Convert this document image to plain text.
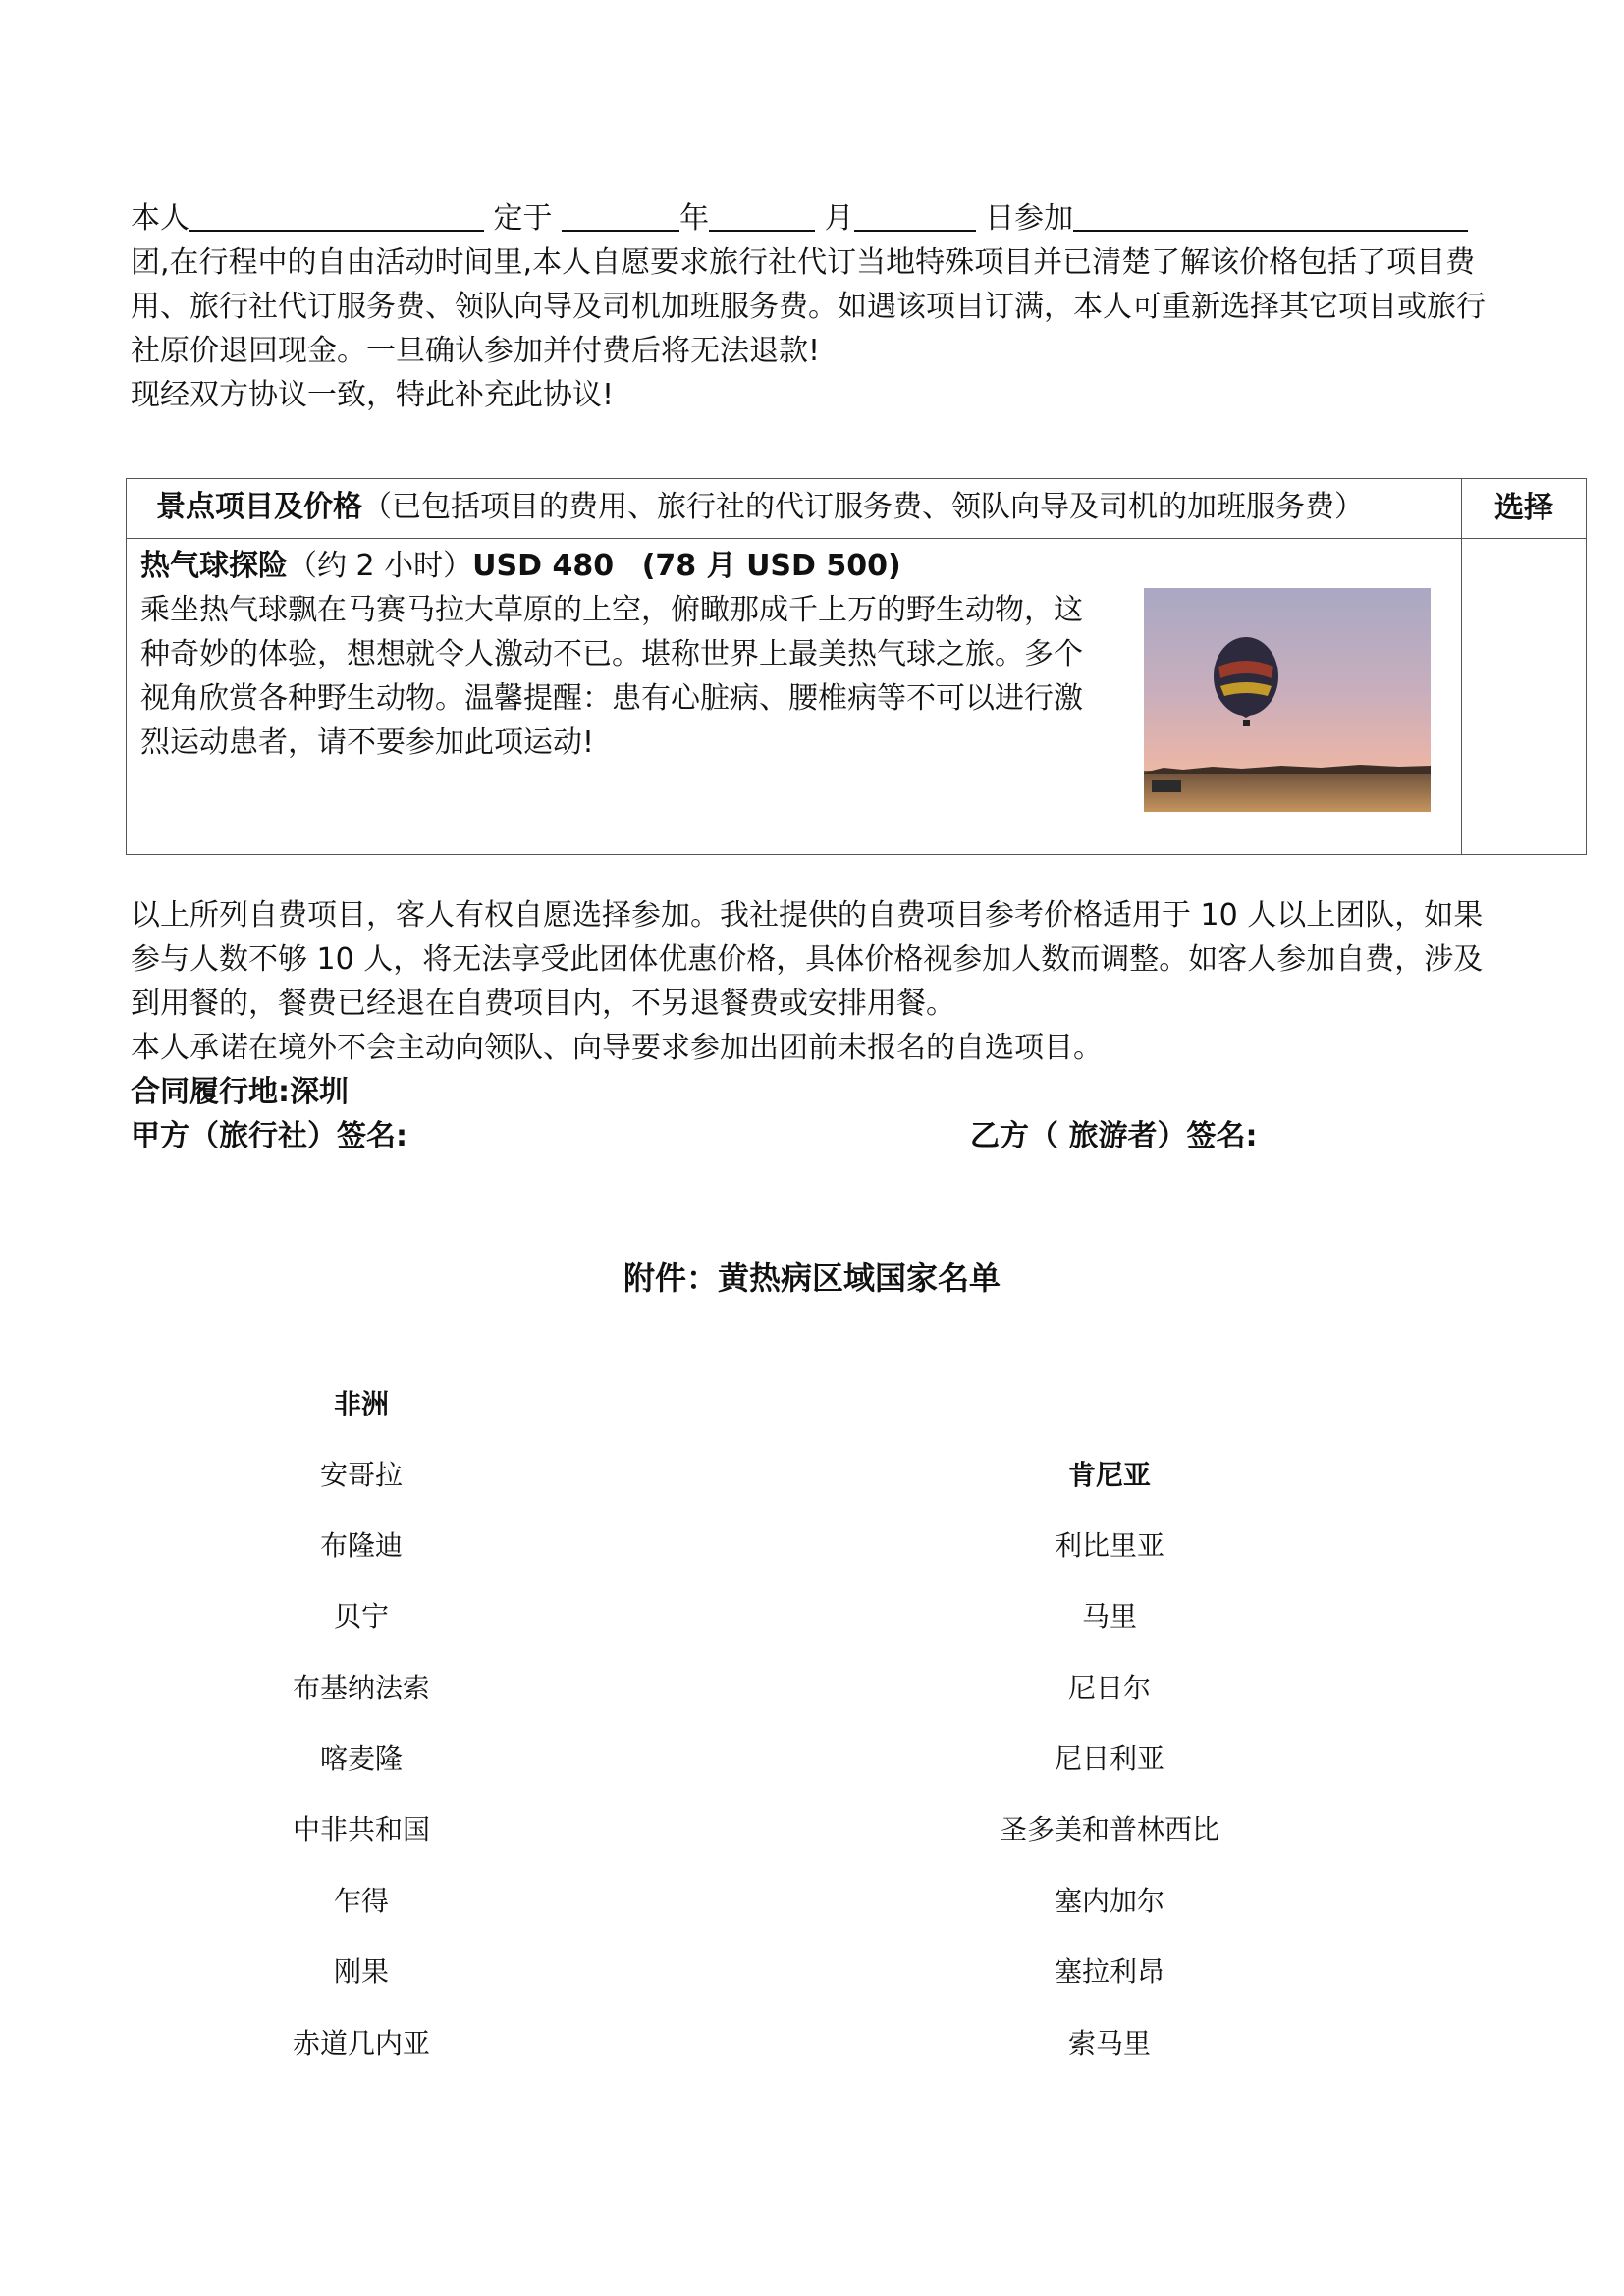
本人	定于	年	月	日参加

团,在行程中的自由活动时间里,本人自愿要求旅行社代订当地特殊项目并已清楚了解该价格包括了项目费

用、旅行社代订服务费、领队向导及司机加班服务费。如遇该项目订满，本人可重新选择其它项目或旅行

社原价退回现金。一旦确认参加并付费后将无法退款!

现经双方协议一致，特此补充此协议!

景点项目及价格（已包括项目的费用、旅行社的代订服务费、领队向导及司机的加班服务费）	选择

热气球探险（约 2 小时）USD 480 (78 月 USD 500)
乘坐热气球飘在马赛马拉大草原的上空，俯瞰那成千上万的野生动物，这
种奇妙的体验，想想就令人激动不已。堪称世界上最美热气球之旅。多个
视角欣赏各种野生动物。温馨提醒：患有心脏病、腰椎病等不可以进行激
烈运动患者，请不要参加此项运动!	

以上所列自费项目，客人有权自愿选择参加。我社提供的自费项目参考价格适用于 10 人以上团队，如果

参与人数不够 10 人，将无法享受此团体优惠价格，具体价格视参加人数而调整。如客人参加自费，涉及

到用餐的，餐费已经退在自费项目内，不另退餐费或安排用餐。

本人承诺在境外不会主动向领队、向导要求参加出团前未报名的自选项目。

合同履行地:深圳

甲方（旅行社）签名:	乙方（ 旅游者）签名:
附件：黄热病区域国家名单
非洲
安哥拉
布隆迪
贝宁
布基纳法索
喀麦隆
中非共和国
乍得
刚果
赤道几内亚
肯尼亚
利比里亚
马里
尼日尔
尼日利亚
圣多美和普林西比
塞内加尔
塞拉利昂
索马里
